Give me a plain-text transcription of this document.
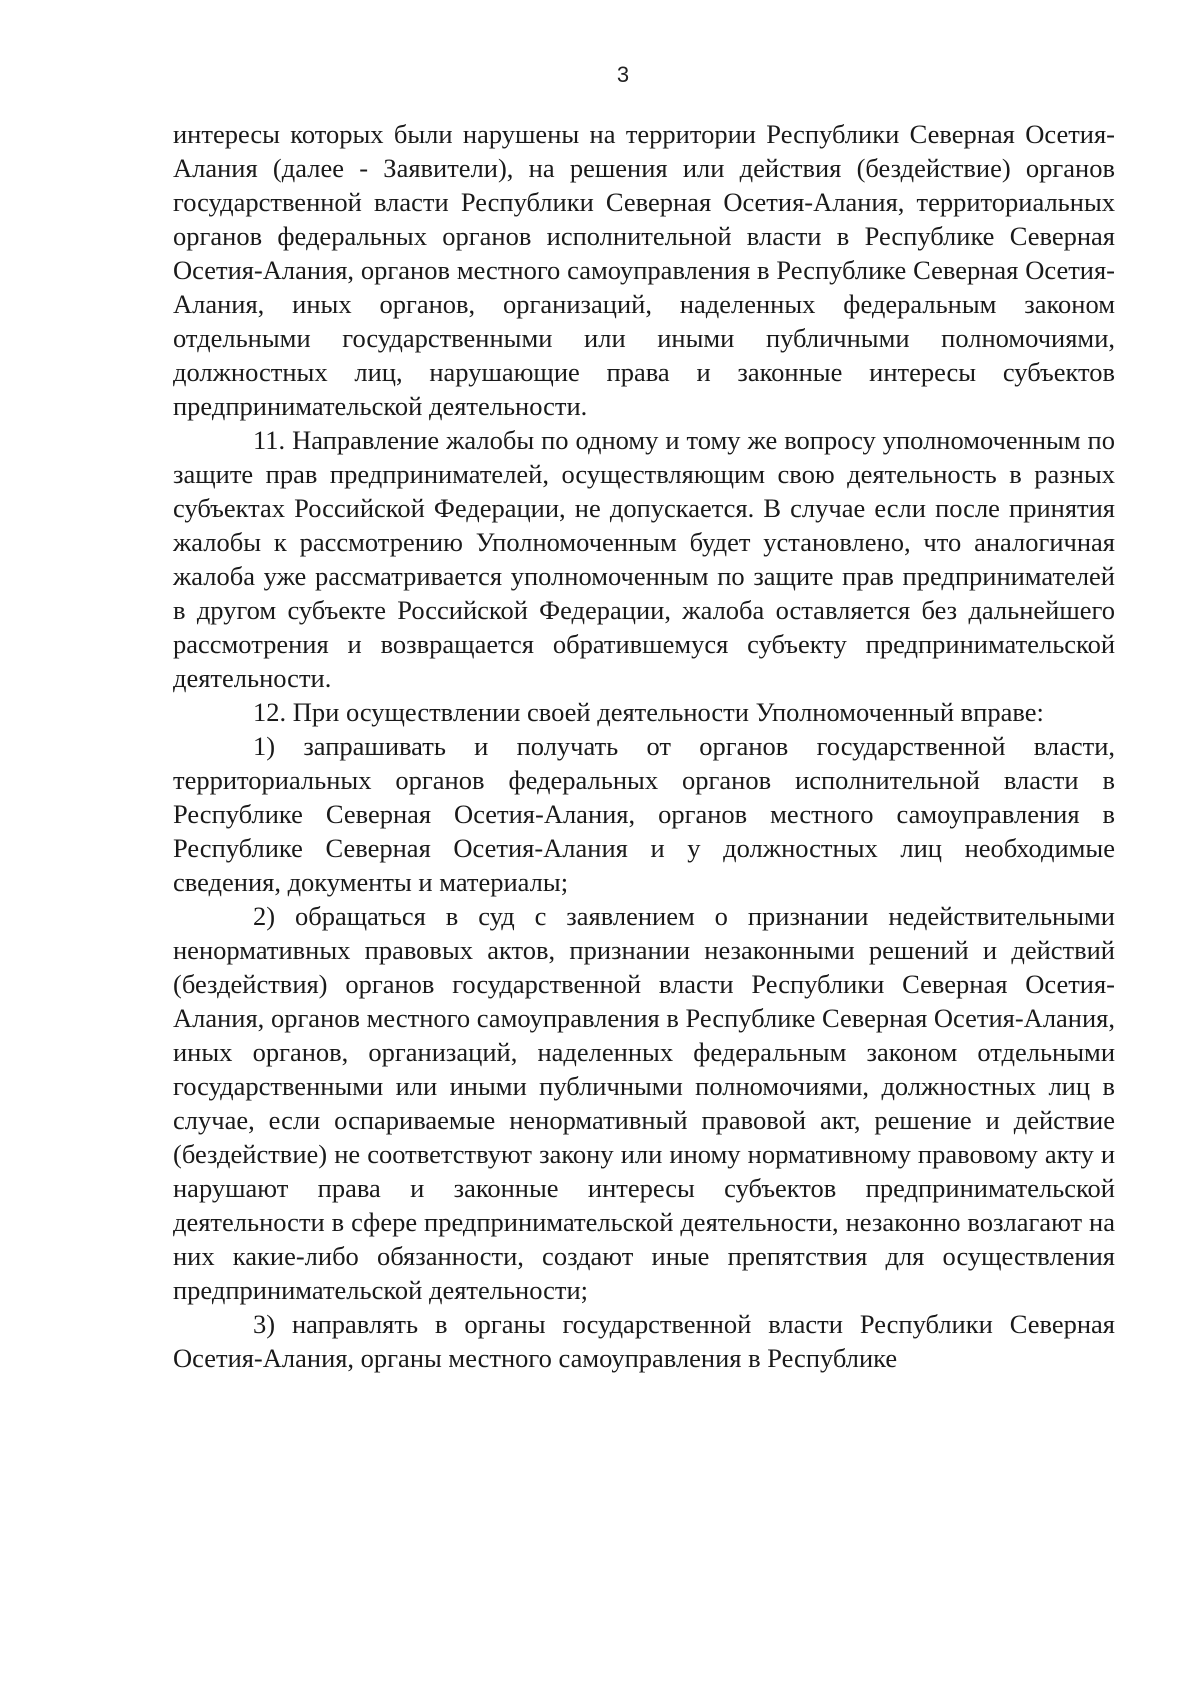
3

интересы которых были нарушены на территории Республики Северная Осетия-Алания (далее - Заявители), на решения или действия (бездействие) органов государственной власти Республики Северная Осетия-Алания, территориальных органов федеральных органов исполнительной власти в Республике Северная Осетия-Алания, органов местного самоуправления в Республике Северная Осетия-Алания, иных органов, организаций, наделенных федеральным законом отдельными государственными или иными публичными полномочиями, должностных лиц, нарушающие права и законные интересы субъектов предпринимательской деятельности.

11. Направление жалобы по одному и тому же вопросу уполномоченным по защите прав предпринимателей, осуществляющим свою деятельность в разных субъектах Российской Федерации, не допускается. В случае если после принятия жалобы к рассмотрению Уполномоченным будет установлено, что аналогичная жалоба уже рассматривается уполномоченным по защите прав предпринимателей в другом субъекте Российской Федерации, жалоба оставляется без дальнейшего рассмотрения и возвращается обратившемуся субъекту предпринимательской деятельности.

12. При осуществлении своей деятельности Уполномоченный вправе:

1) запрашивать и получать от органов государственной власти, территориальных органов федеральных органов исполнительной власти в Республике Северная Осетия-Алания, органов местного самоуправления в Республике Северная Осетия-Алания и у должностных лиц необходимые сведения, документы и материалы;

2) обращаться в суд с заявлением о признании недействительными ненормативных правовых актов, признании незаконными решений и действий (бездействия) органов государственной власти Республики Северная Осетия-Алания, органов местного самоуправления в Республике Северная Осетия-Алания, иных органов, организаций, наделенных федеральным законом отдельными государственными или иными публичными полномочиями, должностных лиц в случае, если оспариваемые ненормативный правовой акт, решение и действие (бездействие) не соответствуют закону или иному нормативному правовому акту и нарушают права и законные интересы субъектов предпринимательской деятельности в сфере предпринимательской деятельности, незаконно возлагают на них какие-либо обязанности, создают иные препятствия для осуществления предпринимательской деятельности;

3) направлять в органы государственной власти Республики Северная Осетия-Алания, органы местного самоуправления в Республике
